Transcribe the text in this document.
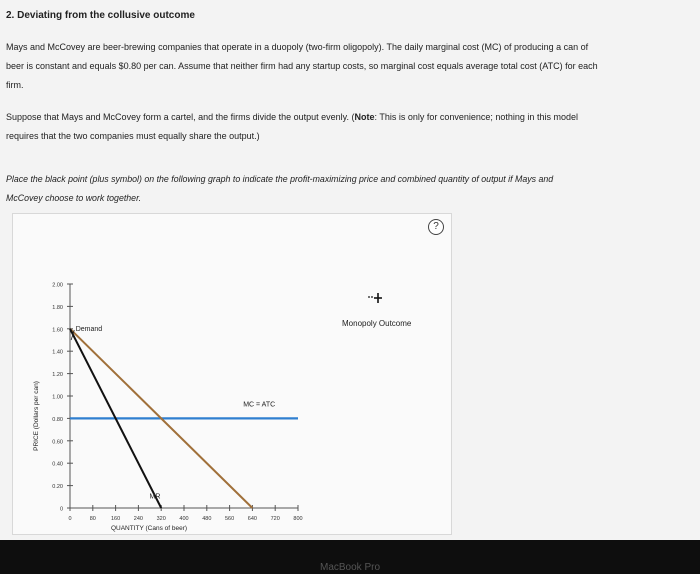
2. Deviating from the collusive outcome
Mays and McCovey are beer-brewing companies that operate in a duopoly (two-firm oligopoly). The daily marginal cost (MC) of producing a can of
beer is constant and equals $0.80 per can. Assume that neither firm had any startup costs, so marginal cost equals average total cost (ATC) for each
firm.
Suppose that Mays and McCovey form a cartel, and the firms divide the output evenly. (Note: This is only for convenience; nothing in this model
requires that the two companies must equally share the output.)
Place the black point (plus symbol) on the following graph to indicate the profit-maximizing price and combined quantity of output if Mays and
McCovey choose to work together.
?
0
0.20
0.40
0.60
0.80
1.00
1.20
1.40
1.60
1.80
2.00
0	80	160 240 320 400 480 560 640 720 800
QUANTITY (Cans of beer)
PRICE (Dollars per can)
Demand
MR
MC = ATC
Monopoly Outcome
MacBook Pro
